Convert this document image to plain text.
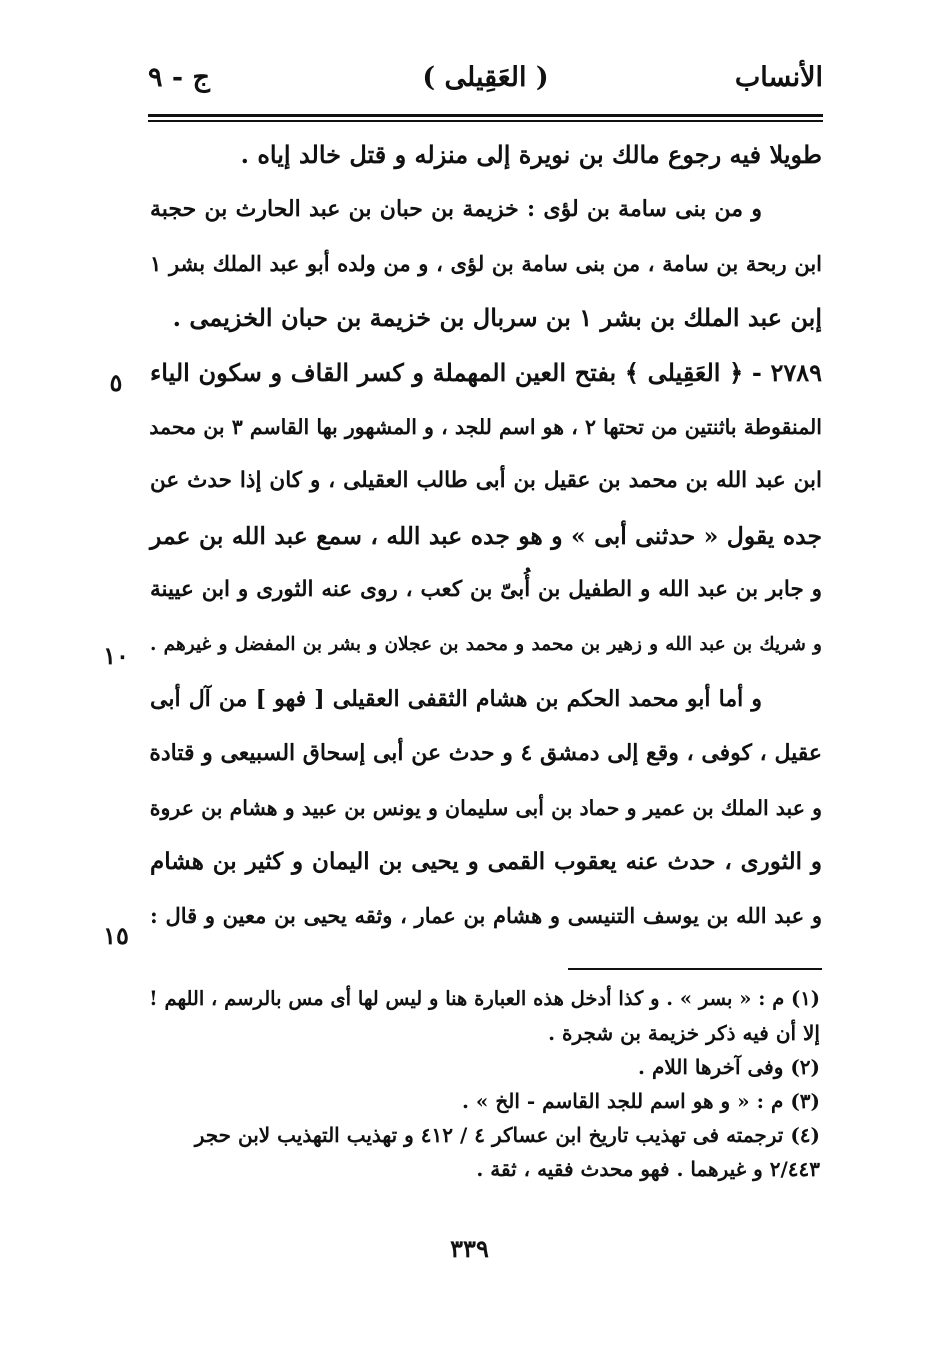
الأنساب
( العَقِيلى )
ج - ٩
طويلا فيه رجوع مالك بن نويرة إلى منزله و قتل خالد إياه .
و من بنى سامة بن لؤى : خزيمة بن حبان بن عبد الحارث بن حجبة
ابن ربحة بن سامة ، من بنى سامة بن لؤى ، و من ولده أبو عبد الملك بشر ١
إبن عبد الملك بن بشر ١ بن سربال بن خزيمة بن حبان الخزيمى .
٢٧٨٩ - ﴿ العَقِيلى ﴾ بفتح العين المهملة و كسر القاف و سكون الياء
المنقوطة باثنتين من تحتها ٢ ، هو اسم للجد ، و المشهور بها القاسم ٣ بن محمد
ابن عبد الله بن محمد بن عقيل بن أبى طالب العقيلى ، و كان إذا حدث عن
جده يقول « حدثنى أبى » و هو جده عبد الله ، سمع عبد الله بن عمر
و جابر بن عبد الله و الطفيل بن أُبىّ بن كعب ، روى عنه الثورى و ابن عيينة
و شريك بن عبد الله و زهير بن محمد و محمد بن عجلان و بشر بن المفضل و غيرهم .
و أما أبو محمد الحكم بن هشام الثقفى العقيلى [ فهو ] من آل أبى
عقيل ، كوفى ، وقع إلى دمشق ٤ و حدث عن أبى إسحاق السبيعى و قتادة
و عبد الملك بن عمير و حماد بن أبى سليمان و يونس بن عبيد و هشام بن عروة
و الثورى ، حدث عنه يعقوب القمى و يحيى بن اليمان و كثير بن هشام
و عبد الله بن يوسف التنيسى و هشام بن عمار ، وثقه يحيى بن معين و قال :
٥
١٠
١٥
(١) م : « بسر » . و كذا أدخل هذه العبارة هنا و ليس لها أى مس بالرسم ، اللهم !
إلا أن فيه ذكر خزيمة بن شجرة .
(٢) وفى آخرها اللام .
(٣) م : « و هو اسم للجد القاسم - الخ » .
(٤) ترجمته فى تهذيب تاريخ ابن عساكر ٤ / ٤١٢ و تهذيب التهذيب لابن حجر
٢/٤٤٣ و غيرهما . فهو محدث فقيه ، ثقة .
٣٣٩
